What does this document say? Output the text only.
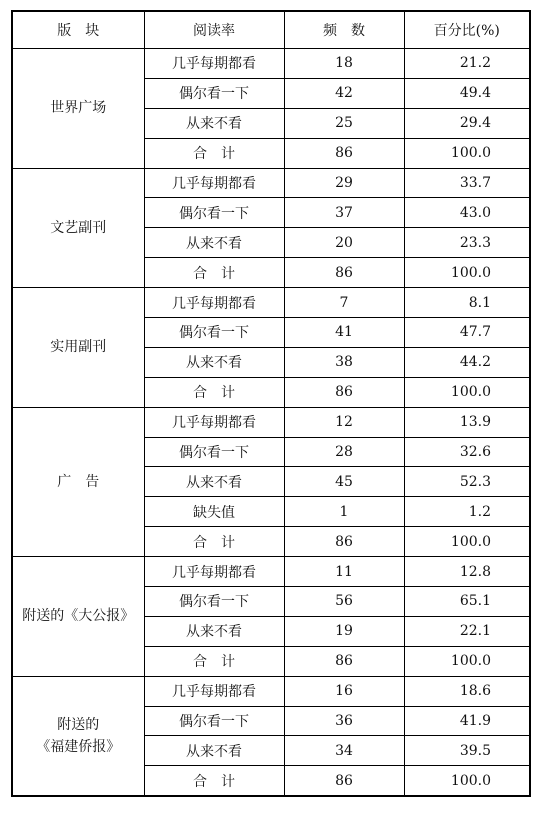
版　块	阅读率	频　数	百分比(%)
世界广场	几乎每期都看	18	21.2
	偶尔看一下	42	49.4
	从来不看	25	29.4
	合　计	86	100.0
文艺副刊	几乎每期都看	29	33.7
	偶尔看一下	37	43.0
	从来不看	20	23.3
	合　计	86	100.0
实用副刊	几乎每期都看	7	8.1
	偶尔看一下	41	47.7
	从来不看	38	44.2
	合　计	86	100.0
广　告	几乎每期都看	12	13.9
	偶尔看一下	28	32.6
	从来不看	45	52.3
	缺失值	1	1.2
	合　计	86	100.0
附送的《大公报》	几乎每期都看	11	12.8
	偶尔看一下	56	65.1
	从来不看	19	22.1
	合　计	86	100.0
附送的
《福建侨报》	几乎每期都看	16	18.6
	偶尔看一下	36	41.9
	从来不看	34	39.5
	合　计	86	100.0
